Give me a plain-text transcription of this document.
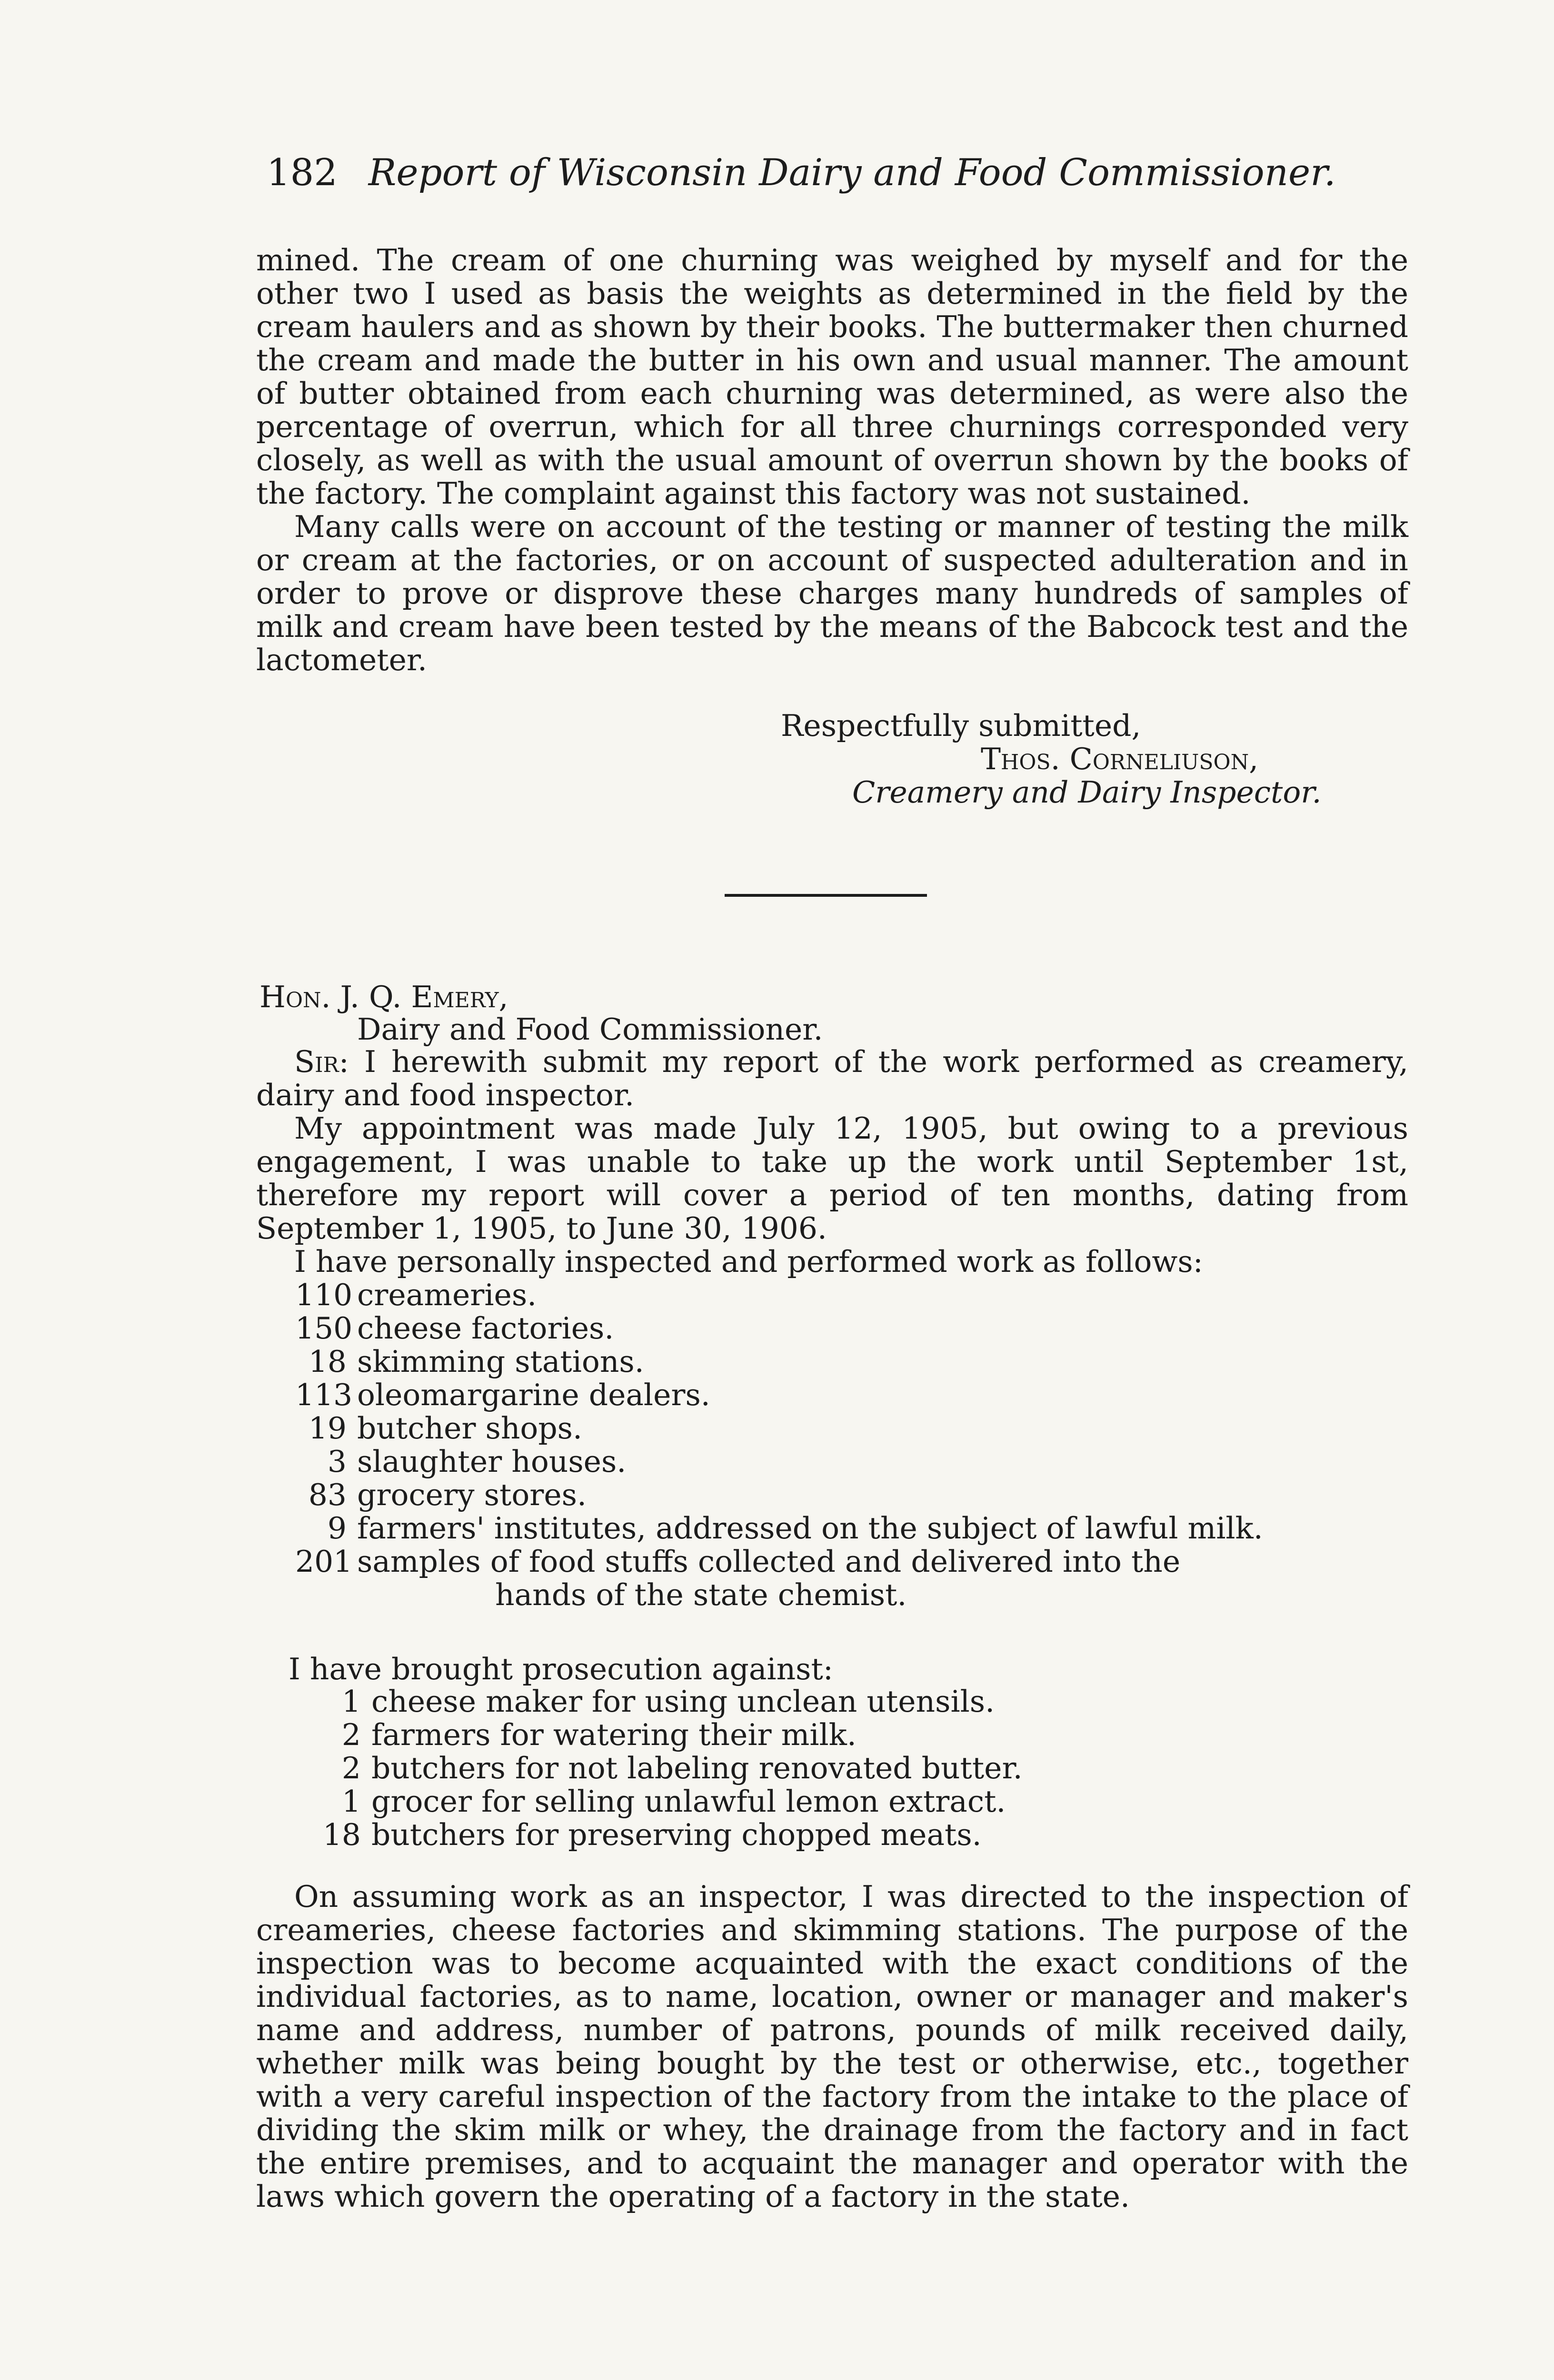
182 Report of Wisconsin Dairy and Food Commissioner.

mined. The cream of one churning was weighed by myself and for the other two I used as basis the weights as determined in the field by the cream haulers and as shown by their books. The buttermaker then churned the cream and made the butter in his own and usual manner. The amount of butter obtained from each churning was determined, as were also the percentage of overrun, which for all three churnings corresponded very closely, as well as with the usual amount of overrun shown by the books of the factory. The complaint against this factory was not sustained.

Many calls were on account of the testing or manner of testing the milk or cream at the factories, or on account of suspected adulteration and in order to prove or disprove these charges many hundreds of samples of milk and cream have been tested by the means of the Babcock test and the lactometer.

Respectfully submitted,
Thos. Corneliuson,
Creamery and Dairy Inspector.
Hon. J. Q. Emery,
Dairy and Food Commissioner.

Sir: I herewith submit my report of the work performed as creamery, dairy and food inspector.

My appointment was made July 12, 1905, but owing to a previous engagement, I was unable to take up the work until September 1st, therefore my report will cover a period of ten months, dating from September 1, 1905, to June 30, 1906.

I have personally inspected and performed work as follows:

110 creameries.
150 cheese factories.
18 skimming stations.
113 oleomargarine dealers.
19 butcher shops.
3 slaughter houses.
83 grocery stores.
9 farmers' institutes, addressed on the subject of lawful milk.
201 samples of food stuffs collected and delivered into the
hands of the state chemist.
I have brought prosecution against:
1 cheese maker for using unclean utensils.
2 farmers for watering their milk.
2 butchers for not labeling renovated butter.
1 grocer for selling unlawful lemon extract.
18 butchers for preserving chopped meats.

On assuming work as an inspector, I was directed to the inspection of creameries, cheese factories and skimming stations. The purpose of the inspection was to become acquainted with the exact conditions of the individual factories, as to name, location, owner or manager and maker's name and address, number of patrons, pounds of milk received daily, whether milk was being bought by the test or otherwise, etc., together with a very careful inspection of the factory from the intake to the place of dividing the skim milk or whey, the drainage from the factory and in fact the entire premises, and to acquaint the manager and operator with the laws which govern the operating of a factory in the state.
